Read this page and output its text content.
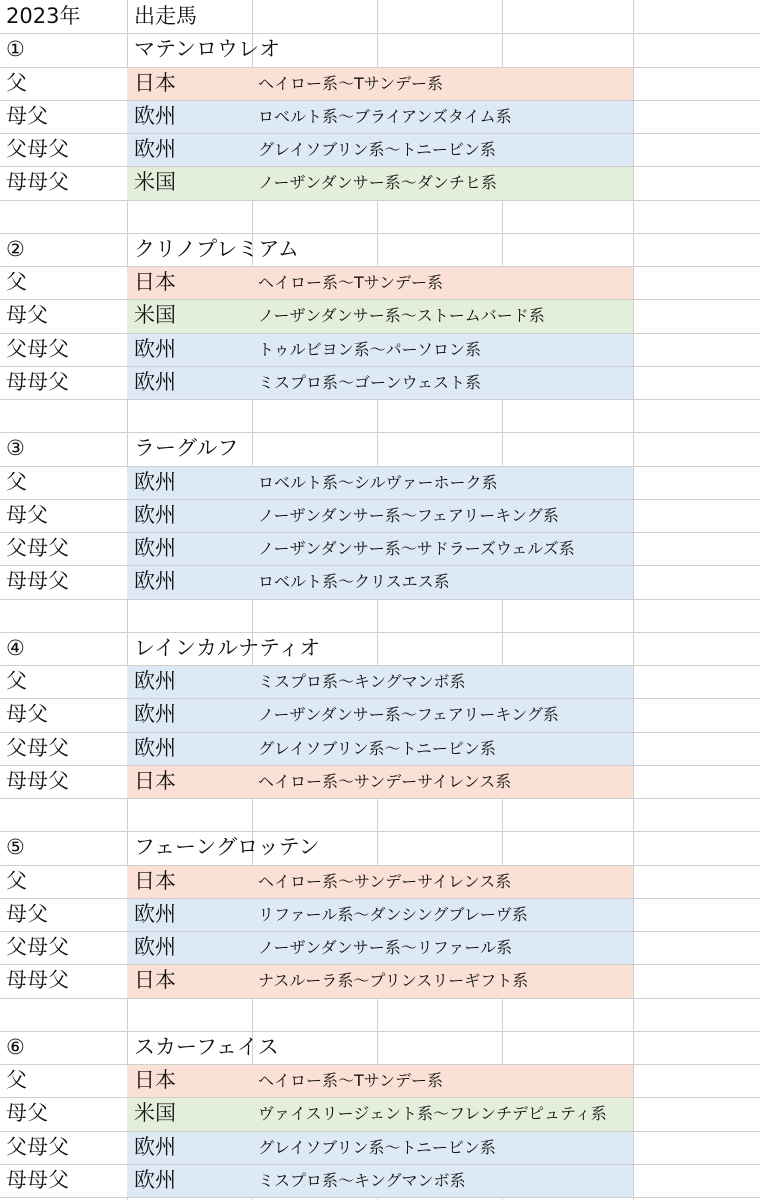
2023年	出走馬
①	マテンロウレオ
父	日本	ヘイロー系～Tサンデー系
母父	欧州	ロベルト系～ブライアンズタイム系
父母父	欧州	グレイソブリン系～トニービン系
母母父	米国	ノーザンダンサー系～ダンチヒ系
②	クリノプレミアム
父	日本	ヘイロー系～Tサンデー系
母父	米国	ノーザンダンサー系～ストームバード系
父母父	欧州	トゥルビヨン系～パーソロン系
母母父	欧州	ミスプロ系～ゴーンウェスト系
③	ラーグルフ
父	欧州	ロベルト系～シルヴァーホーク系
母父	欧州	ノーザンダンサー系～フェアリーキング系
父母父	欧州	ノーザンダンサー系～サドラーズウェルズ系
母母父	欧州	ロベルト系～クリスエス系
④	レインカルナティオ
父	欧州	ミスプロ系～キングマンボ系
母父	欧州	ノーザンダンサー系～フェアリーキング系
父母父	欧州	グレイソブリン系～トニービン系
母母父	日本	ヘイロー系～サンデーサイレンス系
⑤	フェーングロッテン
父	日本	ヘイロー系～サンデーサイレンス系
母父	欧州	リファール系～ダンシングブレーヴ系
父母父	欧州	ノーザンダンサー系～リファール系
母母父	日本	ナスルーラ系～プリンスリーギフト系
⑥	スカーフェイス
父	日本	ヘイロー系～Tサンデー系
母父	米国	ヴァイスリージェント系～フレンチデピュティ系
父母父	欧州	グレイソブリン系～トニービン系
母母父	欧州	ミスプロ系～キングマンボ系
